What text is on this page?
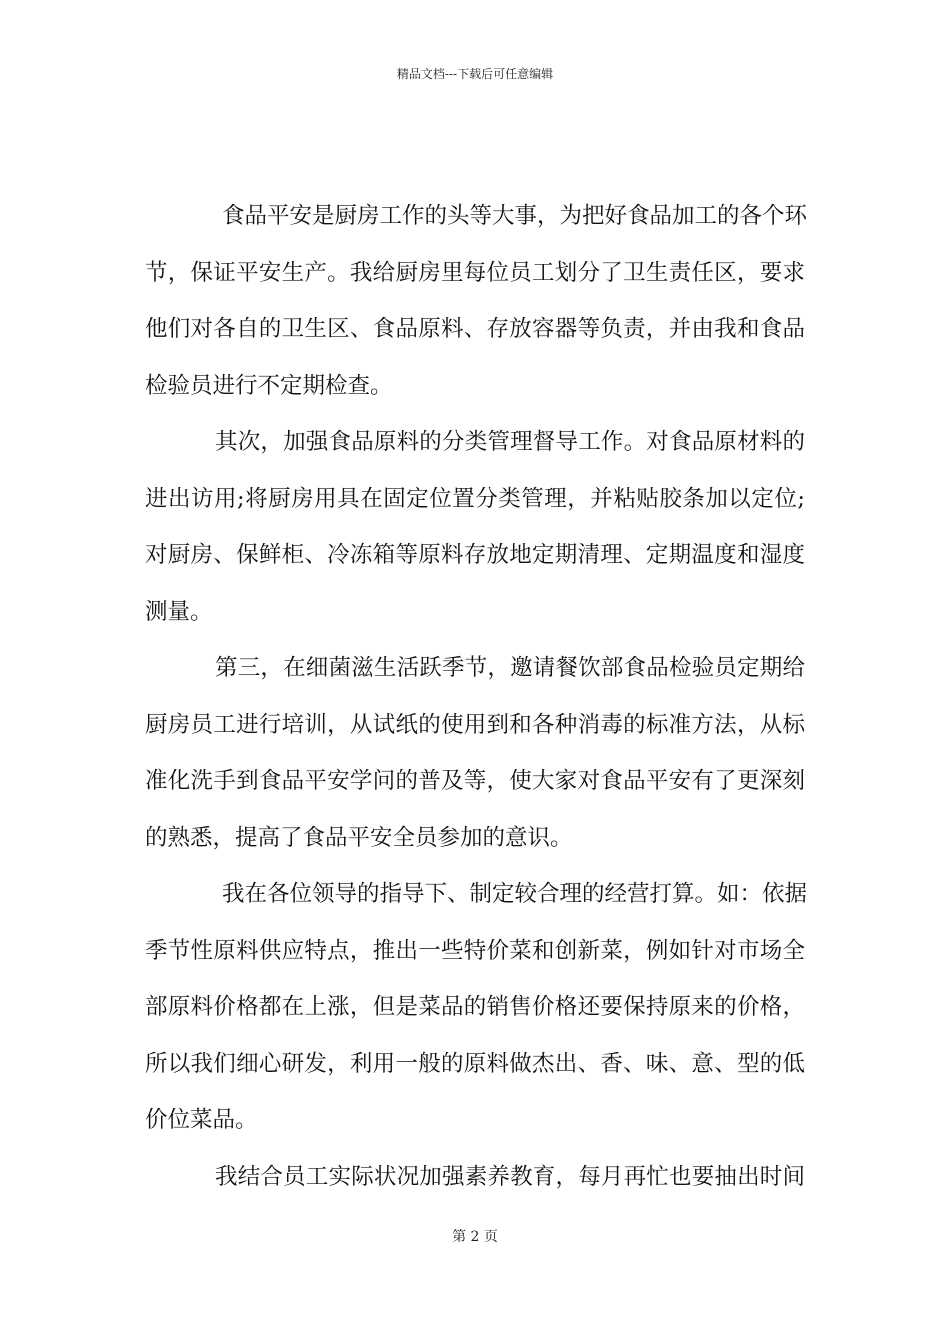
精品文档---下载后可任意编辑
食品平安是厨房工作的头等大事，为把好食品加工的各个环
节，保证平安生产。我给厨房里每位员工划分了卫生责任区，要求
他们对各自的卫生区、食品原料、存放容器等负责，并由我和食品
检验员进行不定期检查。
其次，加强食品原料的分类管理督导工作。对食品原材料的
进出访用;将厨房用具在固定位置分类管理，并粘贴胶条加以定位;
对厨房、保鲜柜、冷冻箱等原料存放地定期清理、定期温度和湿度
测量。
第三，在细菌滋生活跃季节，邀请餐饮部食品检验员定期给
厨房员工进行培训，从试纸的使用到和各种消毒的标准方法，从标
准化洗手到食品平安学问的普及等，使大家对食品平安有了更深刻
的熟悉，提高了食品平安全员参加的意识。
我在各位领导的指导下、制定较合理的经营打算。如：依据
季节性原料供应特点，推出一些特价菜和创新菜，例如针对市场全
部原料价格都在上涨，但是菜品的销售价格还要保持原来的价格，
所以我们细心研发，利用一般的原料做杰出、香、味、意、型的低
价位菜品。
我结合员工实际状况加强素养教育，每月再忙也要抽出时间
第 2 页
